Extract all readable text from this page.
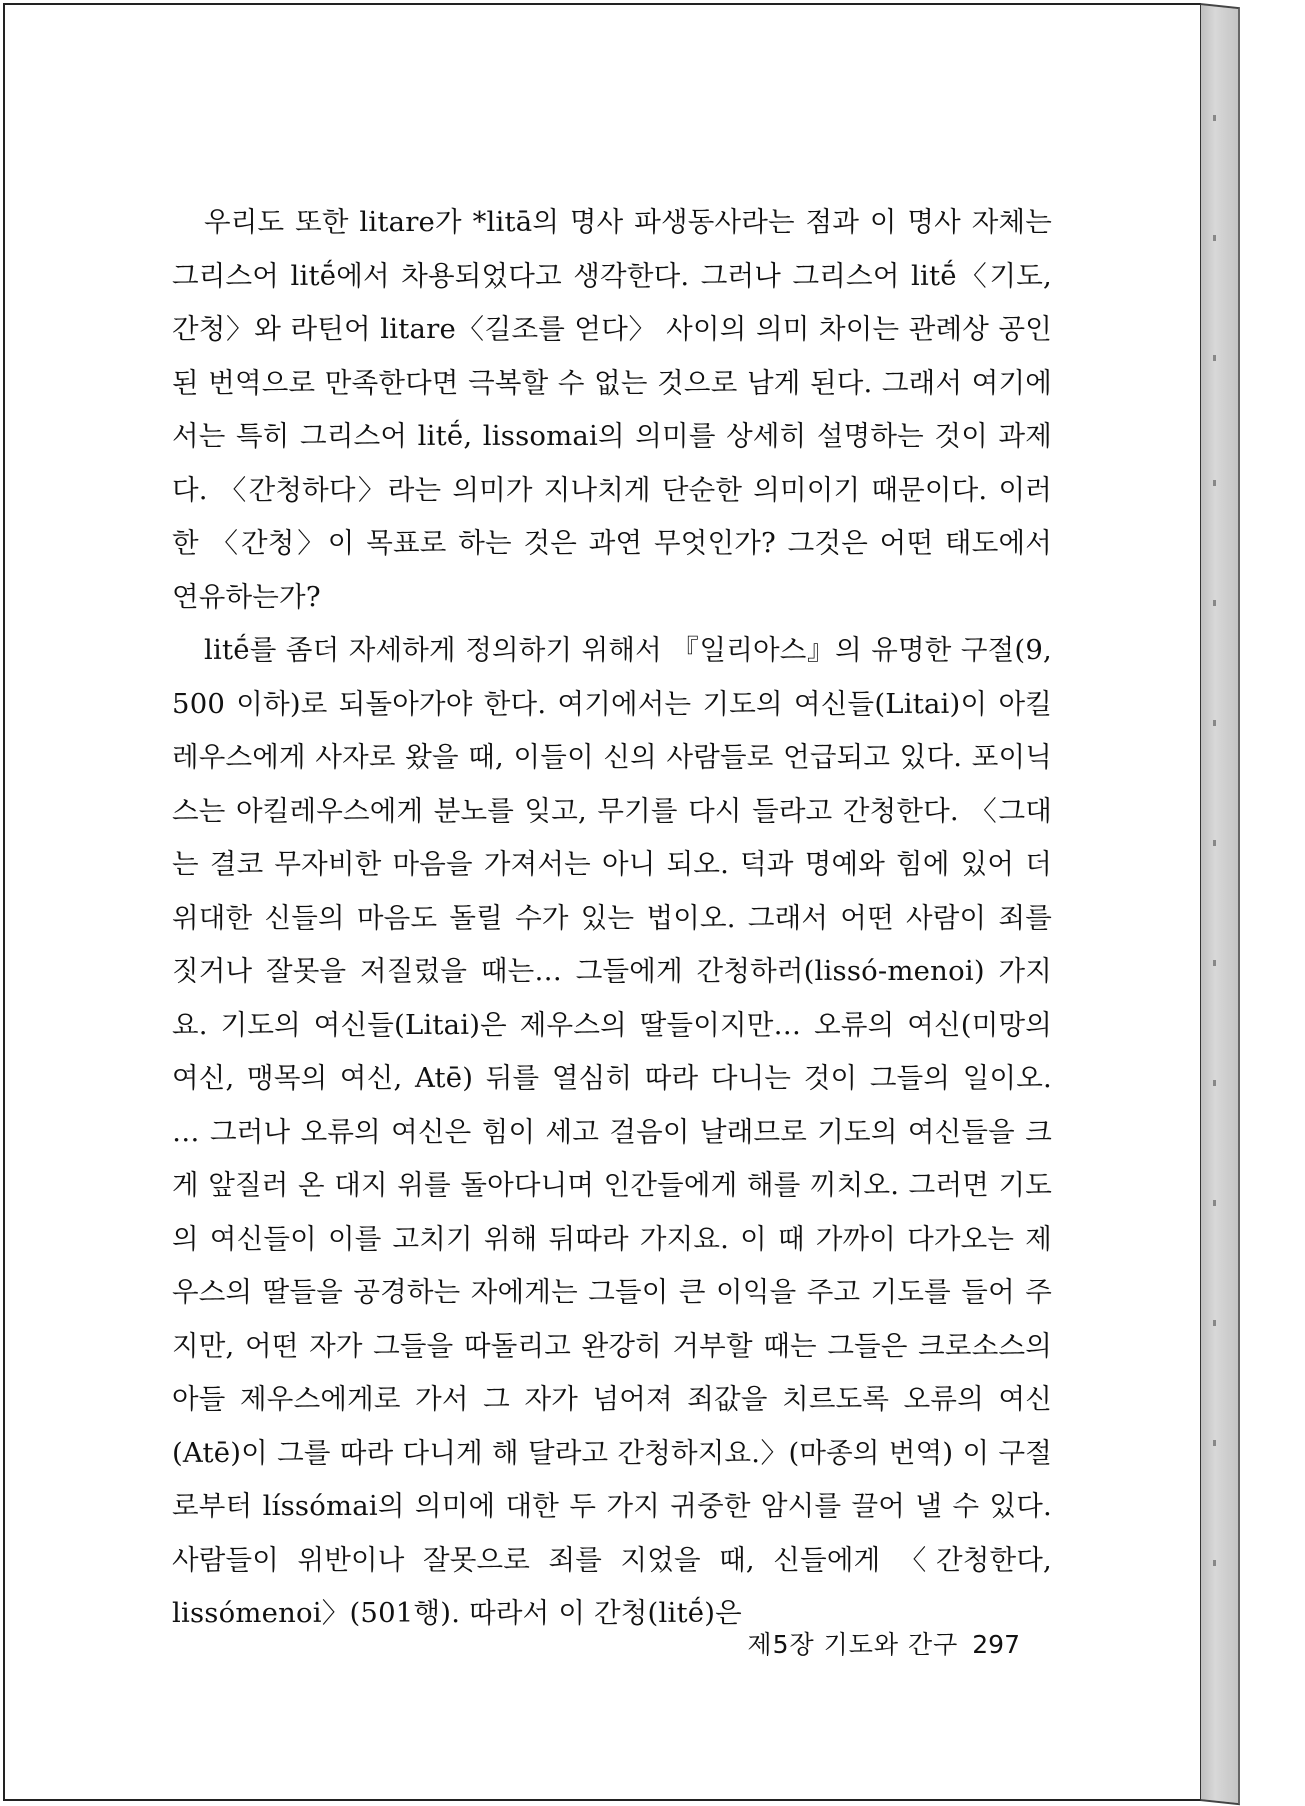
우리도 또한 litare가 *litā의 명사 파생동사라는 점과 이 명사 자체는 그리스어 litḗ에서 차용되었다고 생각한다. 그러나 그리스어 litḗ〈기도, 간청〉와 라틴어 litare〈길조를 얻다〉 사이의 의미 차이는 관례상 공인된 번역으로 만족한다면 극복할 수 없는 것으로 남게 된다. 그래서 여기에서는 특히 그리스어 litḗ, lissomai의 의미를 상세히 설명하는 것이 과제다. 〈간청하다〉라는 의미가 지나치게 단순한 의미이기 때문이다. 이러한 〈간청〉이 목표로 하는 것은 과연 무엇인가? 그것은 어떤 태도에서 연유하는가?

litḗ를 좀더 자세하게 정의하기 위해서 『일리아스』의 유명한 구절(9, 500 이하)로 되돌아가야 한다. 여기에서는 기도의 여신들(Litai)이 아킬레우스에게 사자로 왔을 때, 이들이 신의 사람들로 언급되고 있다. 포이닉스는 아킬레우스에게 분노를 잊고, 무기를 다시 들라고 간청한다. 〈그대는 결코 무자비한 마음을 가져서는 아니 되오. 덕과 명예와 힘에 있어 더 위대한 신들의 마음도 돌릴 수가 있는 법이오. 그래서 어떤 사람이 죄를 짓거나 잘못을 저질렀을 때는… 그들에게 간청하러(lissó-menoi) 가지요. 기도의 여신들(Litai)은 제우스의 딸들이지만… 오류의 여신(미망의 여신, 맹목의 여신, Atē) 뒤를 열심히 따라 다니는 것이 그들의 일이오. … 그러나 오류의 여신은 힘이 세고 걸음이 날래므로 기도의 여신들을 크게 앞질러 온 대지 위를 돌아다니며 인간들에게 해를 끼치오. 그러면 기도의 여신들이 이를 고치기 위해 뒤따라 가지요. 이 때 가까이 다가오는 제우스의 딸들을 공경하는 자에게는 그들이 큰 이익을 주고 기도를 들어 주지만, 어떤 자가 그들을 따돌리고 완강히 거부할 때는 그들은 크로소스의 아들 제우스에게로 가서 그 자가 넘어져 죄값을 치르도록 오류의 여신(Atē)이 그를 따라 다니게 해 달라고 간청하지요.〉(마종의 번역) 이 구절로부터 líssómai의 의미에 대한 두 가지 귀중한 암시를 끌어 낼 수 있다. 사람들이 위반이나 잘못으로 죄를 지었을 때, 신들에게 〈간청한다, lissómenoi〉(501행). 따라서 이 간청(litḗ)은

제5장 기도와 간구 297
